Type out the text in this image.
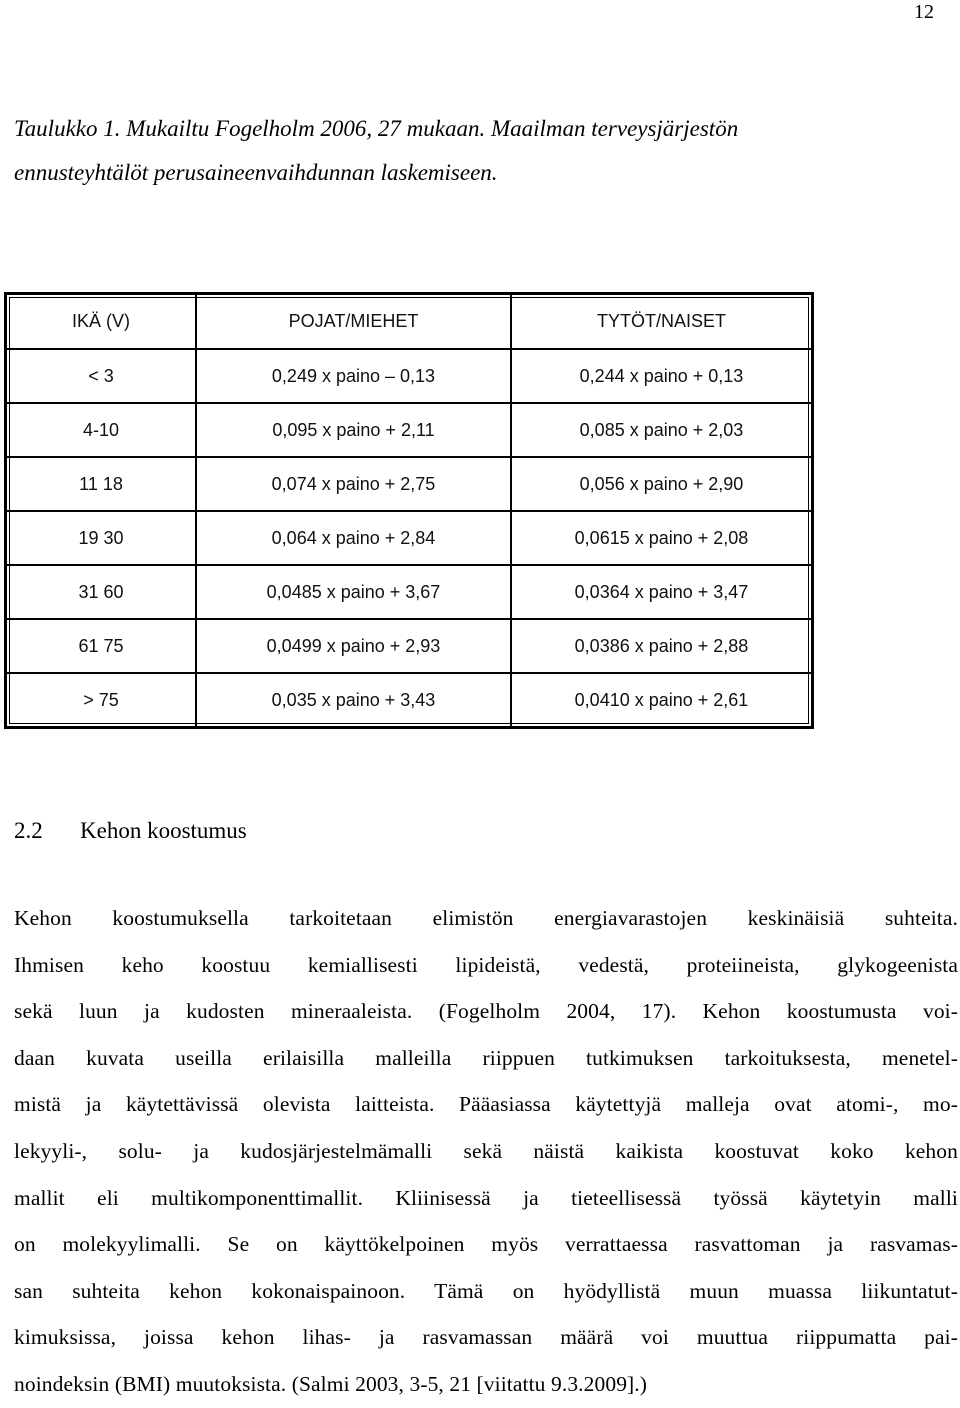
12
Taulukko 1. Mukailtu Fogelholm 2006, 27 mukaan. Maailman terveysjärjestön
ennusteyhtälöt perusaineenvaihdunnan laskemiseen.
IKÄ (V)	POJAT/MIEHET	TYTÖT/NAISET
< 3	0,249 x paino – 0,13	0,244 x paino + 0,13
4-10	0,095 x paino + 2,11	0,085 x paino + 2,03
11 18	0,074 x paino + 2,75	0,056 x paino + 2,90
19 30	0,064 x paino + 2,84	0,0615 x paino + 2,08
31 60	0,0485 x paino + 3,67	0,0364 x paino + 3,47
61 75	0,0499 x paino + 2,93	0,0386 x paino + 2,88
> 75	0,035 x paino + 3,43	0,0410 x paino + 2,61
2.2 Kehon koostumus
Kehon koostumuksella tarkoitetaan elimistön energiavarastojen keskinäisiä suhteita.
Ihmisen keho koostuu kemiallisesti lipideistä, vedestä, proteiineista, glykogeenista
sekä luun ja kudosten mineraaleista. (Fogelholm 2004, 17). Kehon koostumusta voi-
daan kuvata useilla erilaisilla malleilla riippuen tutkimuksen tarkoituksesta, menetel-
mistä ja käytettävissä olevista laitteista. Pääasiassa käytettyjä malleja ovat atomi-, mo-
lekyyli-, solu- ja kudosjärjestelmämalli sekä näistä kaikista koostuvat koko kehon
mallit eli multikomponenttimallit. Kliinisessä ja tieteellisessä työssä käytetyin malli
on molekyylimalli. Se on käyttökelpoinen myös verrattaessa rasvattoman ja rasvamas-
san suhteita kehon kokonaispainoon. Tämä on hyödyllistä muun muassa liikuntatut-
kimuksissa, joissa kehon lihas- ja rasvamassan määrä voi muuttua riippumatta pai-
noindeksin (BMI) muutoksista. (Salmi 2003, 3-5, 21 [viitattu 9.3.2009].)
